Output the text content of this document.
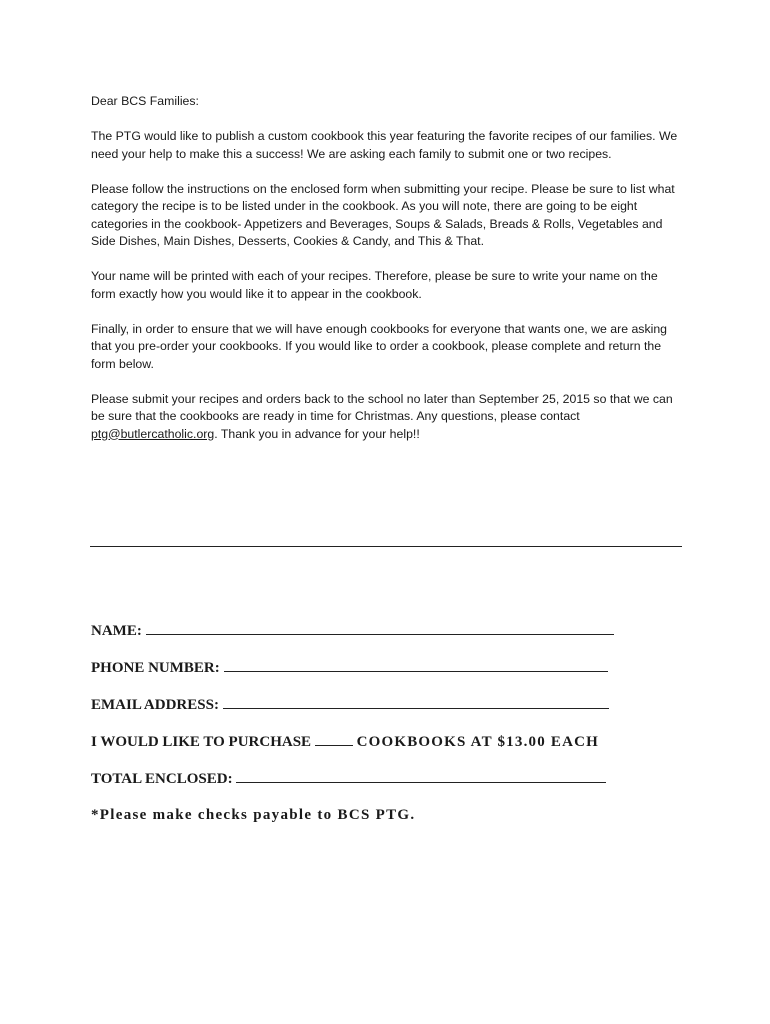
Dear BCS Families:

The PTG would like to publish a custom cookbook this year featuring the favorite recipes of our families. We need your help to make this a success! We are asking each family to submit one or two recipes.

Please follow the instructions on the enclosed form when submitting your recipe. Please be sure to list what category the recipe is to be listed under in the cookbook. As you will note, there are going to be eight categories in the cookbook- Appetizers and Beverages, Soups & Salads, Breads & Rolls, Vegetables and Side Dishes, Main Dishes, Desserts, Cookies & Candy, and This & That.

Your name will be printed with each of your recipes. Therefore, please be sure to write your name on the form exactly how you would like it to appear in the cookbook.

Finally, in order to ensure that we will have enough cookbooks for everyone that wants one, we are asking that you pre-order your cookbooks. If you would like to order a cookbook, please complete and return the form below.

Please submit your recipes and orders back to the school no later than September 25, 2015 so that we can be sure that the cookbooks are ready in time for Christmas. Any questions, please contact ptg@butlercatholic.org. Thank you in advance for your help!!

NAME:
PHONE NUMBER:
EMAIL ADDRESS:
I WOULD LIKE TO PURCHASE	COOKBOOKS AT $13.00 EACH
TOTAL ENCLOSED:
*Please make checks payable to BCS PTG.
